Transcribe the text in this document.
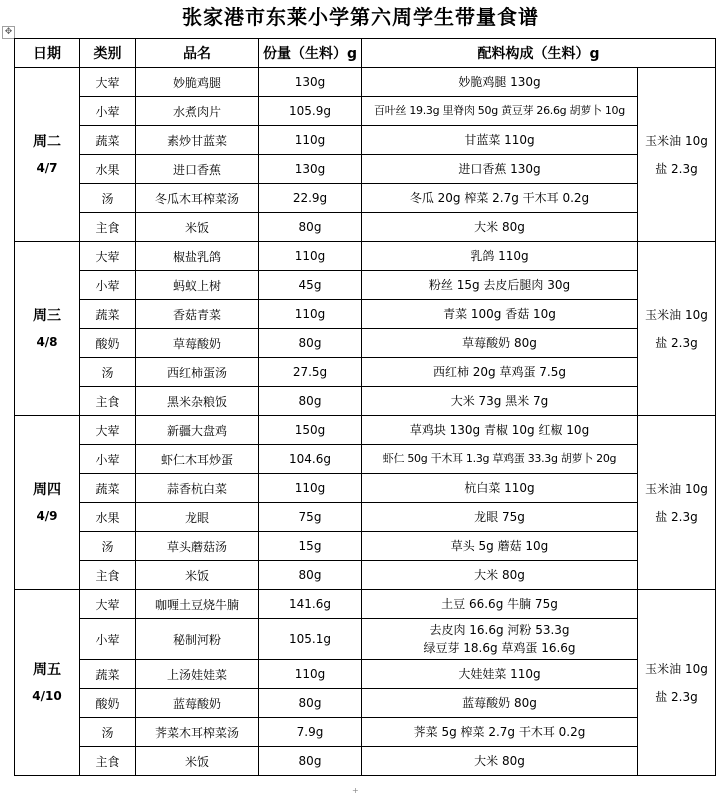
✥
张家港市东莱小学第六周学生带量食谱
日期	类别	品名	份量（生料）g	配料构成（生料）g	

周二
4/7	大荤	妙脆鸡腿	130g	妙脆鸡腿 130g	玉米油 10g
盐 2.3g

	小荤	水煮肉片	105.9g	百叶丝 19.3g 里脊肉 50g 黄豆芽 26.6g 胡萝卜 10g	

	蔬菜	素炒甘蓝菜	110g	甘蓝菜 110g	

	水果	进口香蕉	130g	进口香蕉 130g	

	汤	冬瓜木耳榨菜汤	22.9g	冬瓜 20g 榨菜 2.7g 干木耳 0.2g	

	主食	米饭	80g	大米 80g	

周三
4/8	大荤	椒盐乳鸽	110g	乳鸽 110g	玉米油 10g
盐 2.3g

	小荤	蚂蚁上树	45g	粉丝 15g 去皮后腿肉 30g	

	蔬菜	香菇青菜	110g	青菜 100g 香菇 10g	

	酸奶	草莓酸奶	80g	草莓酸奶 80g	

	汤	西红柿蛋汤	27.5g	西红柿 20g 草鸡蛋 7.5g	

	主食	黑米杂粮饭	80g	大米 73g 黑米 7g	

周四
4/9	大荤	新疆大盘鸡	150g	草鸡块 130g 青椒 10g 红椒 10g	玉米油 10g
盐 2.3g

	小荤	虾仁木耳炒蛋	104.6g	虾仁 50g 干木耳 1.3g 草鸡蛋 33.3g 胡萝卜 20g	

	蔬菜	蒜香杭白菜	110g	杭白菜 110g	

	水果	龙眼	75g	龙眼 75g	

	汤	草头蘑菇汤	15g	草头 5g 蘑菇 10g	

	主食	米饭	80g	大米 80g	

周五
4/10	大荤	咖喱土豆烧牛腩	141.6g	土豆 66.6g 牛腩 75g	玉米油 10g
盐 2.3g

	小荤	秘制河粉	105.1g	去皮肉 16.6g 河粉 53.3g
绿豆芽 18.6g 草鸡蛋 16.6g	

	蔬菜	上汤娃娃菜	110g	大娃娃菜 110g	

	酸奶	蓝莓酸奶	80g	蓝莓酸奶 80g	

	汤	荠菜木耳榨菜汤	7.9g	荠菜 5g 榨菜 2.7g 干木耳 0.2g	

	主食	米饭	80g	大米 80g	
+
